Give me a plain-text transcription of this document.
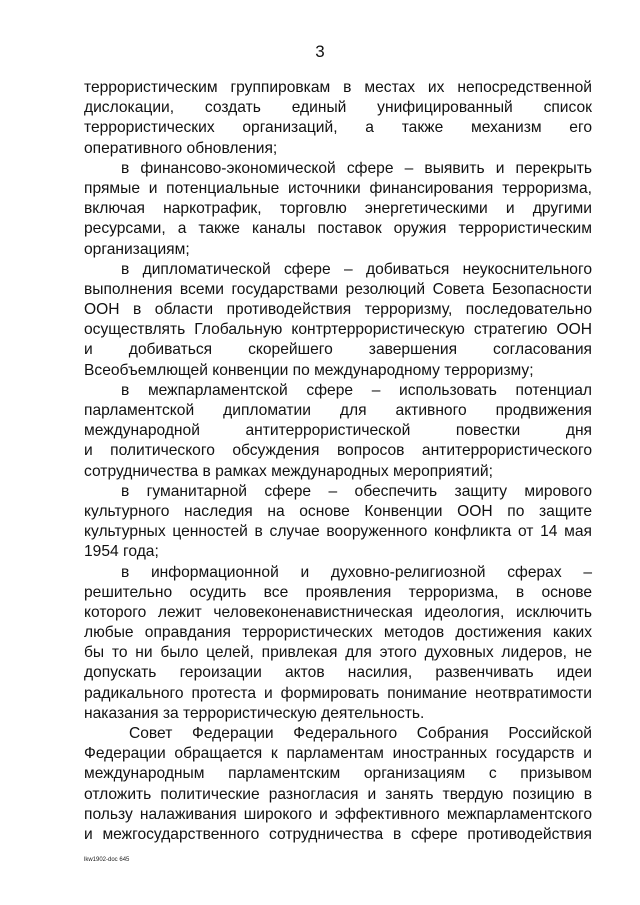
3
террористическим группировкам в местах их непосредственной
дислокации, создать единый унифицированный список
террористических организаций, а также механизм его
оперативного обновления;
в финансово-экономической сфере – выявить и перекрыть
прямые и потенциальные источники финансирования терроризма,
включая наркотрафик, торговлю энергетическими и другими
ресурсами, а также каналы поставок оружия террористическим
организациям;
в дипломатической сфере – добиваться неукоснительного
выполнения всеми государствами резолюций Совета Безопасности
ООН в области противодействия терроризму, последовательно
осуществлять Глобальную контртеррористическую стратегию ООН
и добиваться скорейшего завершения согласования
Всеобъемлющей конвенции по международному терроризму;
в межпарламентской сфере – использовать потенциал
парламентской дипломатии для активного продвижения
международной антитеррористической повестки дня
и политического обсуждения вопросов антитеррористического
сотрудничества в рамках международных мероприятий;
в гуманитарной сфере – обеспечить защиту мирового
культурного наследия на основе Конвенции ООН по защите
культурных ценностей в случае вооруженного конфликта от 14 мая
1954 года;
в информационной и духовно-религиозной сферах –
решительно осудить все проявления терроризма, в основе
которого лежит человеконенавистническая идеология, исключить
любые оправдания террористических методов достижения каких
бы то ни было целей, привлекая для этого духовных лидеров, не
допускать героизации актов насилия, развенчивать идеи
радикального протеста и формировать понимание неотвратимости
наказания за террористическую деятельность.
Совет Федерации Федерального Собрания Российской
Федерации обращается к парламентам иностранных государств и
международным парламентским организациям с призывом
отложить политические разногласия и занять твердую позицию в
пользу налаживания широкого и эффективного межпарламентского
и межгосударственного сотрудничества в сфере противодействия
lkw1902-doc 645
